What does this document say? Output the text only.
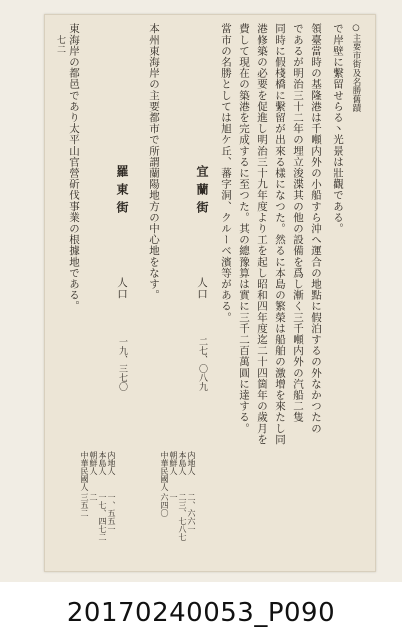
○主要市街及名勝舊蹟
七二	で岸壁に繫留せらる丶光景は壯觀である。
領臺當時の基隆港は千噸内外の小船すら沖へ運合の地點に假泊するの外なかつたの
であるが明治三十二年の埋立浚渫其の他の設備を爲し漸く三千噸内外の汽船二隻
同時に假棧橋に繫留が出來る樣になつた。然るに本島の繁榮は船舶の激增を來たし同
港修築の必要を促進し明治三十九年度より工を起し昭和四年度迄二十四箇年の歲月を
費して現在の築港を完成するに至つた。其の總豫算は實に三千二百萬圓に達する。
當市の名勝としては旭ケ丘、蕃字洞、クルーベ濱等がある。
宜蘭街
人口
二七、〇八九
内地人
本島人
朝鮮人
中華民國人
二、六六一
二三、七八七
一
六四〇
本州東海岸の主要都市で所謂蘭陽地方の中心地をなす。
羅東街
人口
一九、三七〇
内地人
本島人
朝鮮人
中華民國人
一、五五一
一七、四七二
二
三五二
東海岸の都邑であり太平山官營斫伐事業の根據地である。
20170240053_P090
